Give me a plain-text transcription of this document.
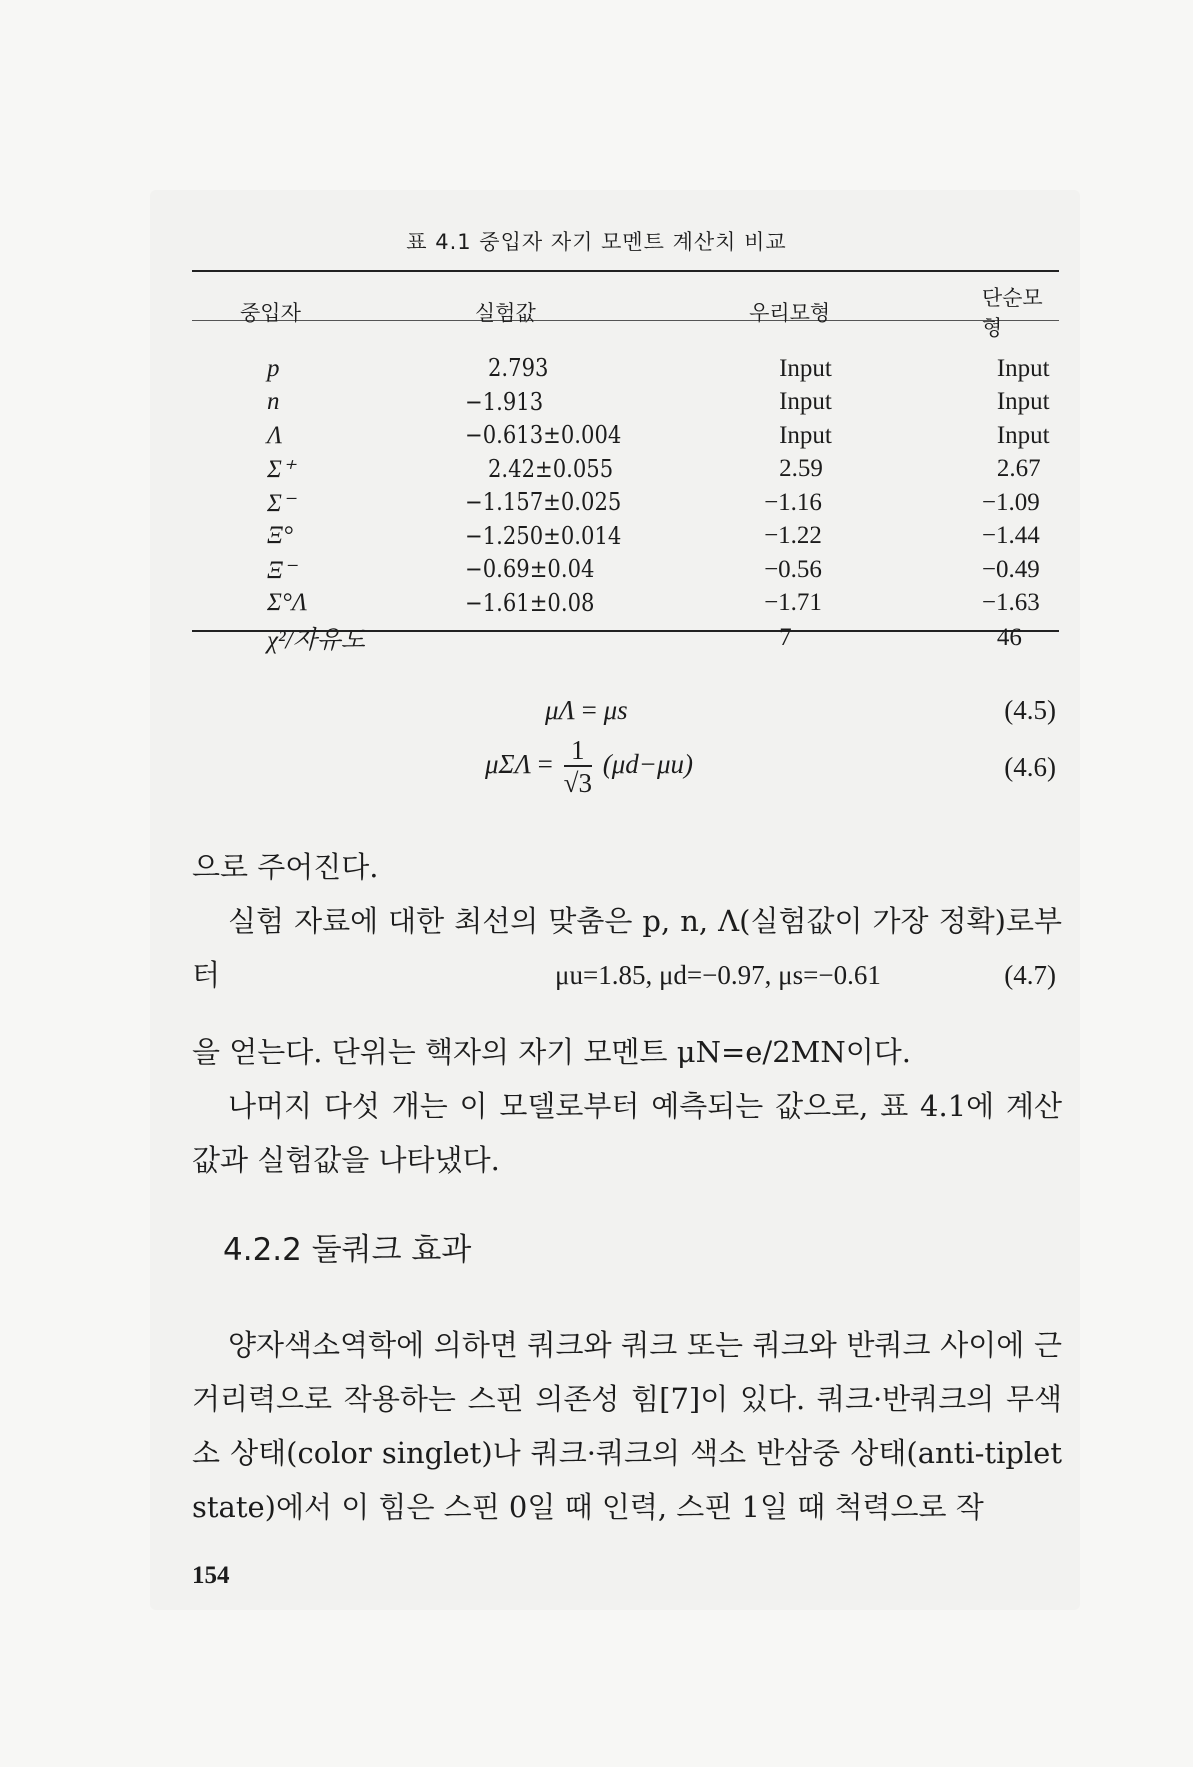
표 4.1 중입자 자기 모멘트 계산치 비교
중입자	실험값	우리모형	단순모형
p	2.793	Input	Input
n	−1.913	Input	Input
Λ	−0.613±0.004	Input	Input
Σ⁺	2.42±0.055	2.59	2.67
Σ⁻	−1.157±0.025	−1.16	−1.09
Ξ°	−1.250±0.014	−1.22	−1.44
Ξ⁻	−0.69±0.04	−0.56	−0.49
Σ°Λ	−1.61±0.08	−1.71	−1.63
χ²/자유도		7	46
μΛ = μs	(4.5)
$\mu\Sigma\Lambda = \frac{1}{√3} (\mu d-\mu u)$	(4.6)
으로 주어진다.
실험 자료에 대한 최선의 맞춤은 p, n, Λ(실험값이 가장 정확)로부터	μu=1.85, μd=−0.97, μs=−0.61	(4.7)
을 얻는다. 단위는 핵자의 자기 모멘트 μN=e/2MN이다.
나머지 다섯 개는 이 모델로부터 예측되는 값으로, 표 4.1에 계산값과 실험값을 나타냈다.
4.2.2 둘쿼크 효과
양자색소역학에 의하면 쿼크와 쿼크 또는 쿼크와 반쿼크 사이에 근거리력으로 작용하는 스핀 의존성 힘[7]이 있다. 쿼크·반쿼크의 무색소 상태(color singlet)나 쿼크·쿼크의 색소 반삼중 상태(anti-tiplet state)에서 이 힘은 스핀 0일 때 인력, 스핀 1일 때 척력으로 작
154
